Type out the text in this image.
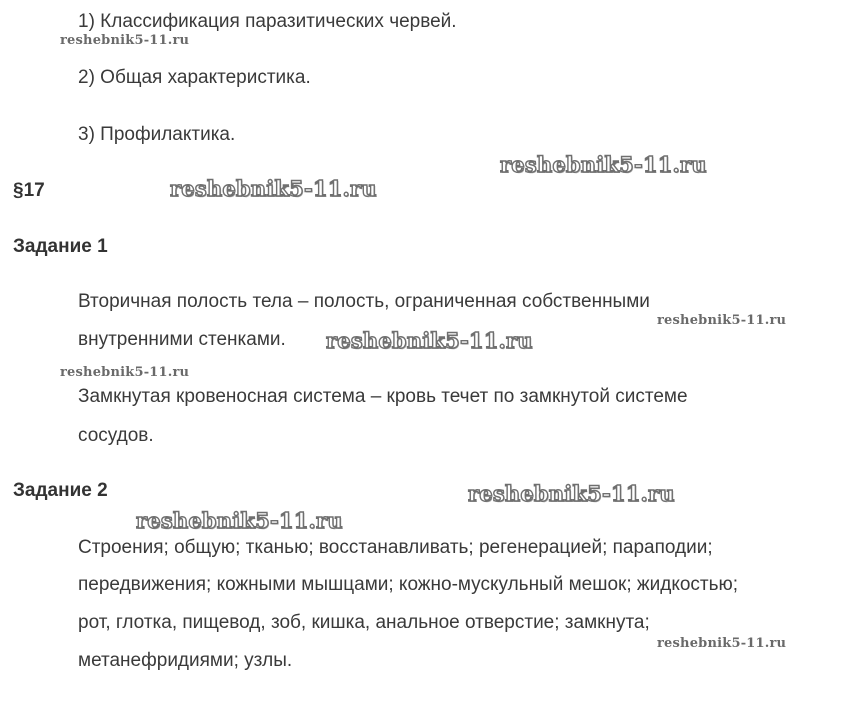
1) Классификация паразитических червей.
2) Общая характеристика.
3) Профилактика.
§17
Задание 1
Вторичная полость тела – полость, ограниченная собственными
внутренними стенками.
Замкнутая кровеносная система – кровь течет по замкнутой системе
сосудов.
Задание 2
Строения; общую; тканью; восстанавливать; регенерацией; параподии;
передвижения; кожными мышцами; кожно-мускульный мешок; жидкостью;
рот, глотка, пищевод, зоб, кишка, анальное отверстие; замкнута;
метанефридиями; узлы.
reshebnik5-11.ru
reshebnik5-11.ru
reshebnik5-11.ru
reshebnik5-11.ru
reshebnik5-11.ru
reshebnik5-11.ru
reshebnik5-11.ru
reshebnik5-11.ru
reshebnik5-11.ru
